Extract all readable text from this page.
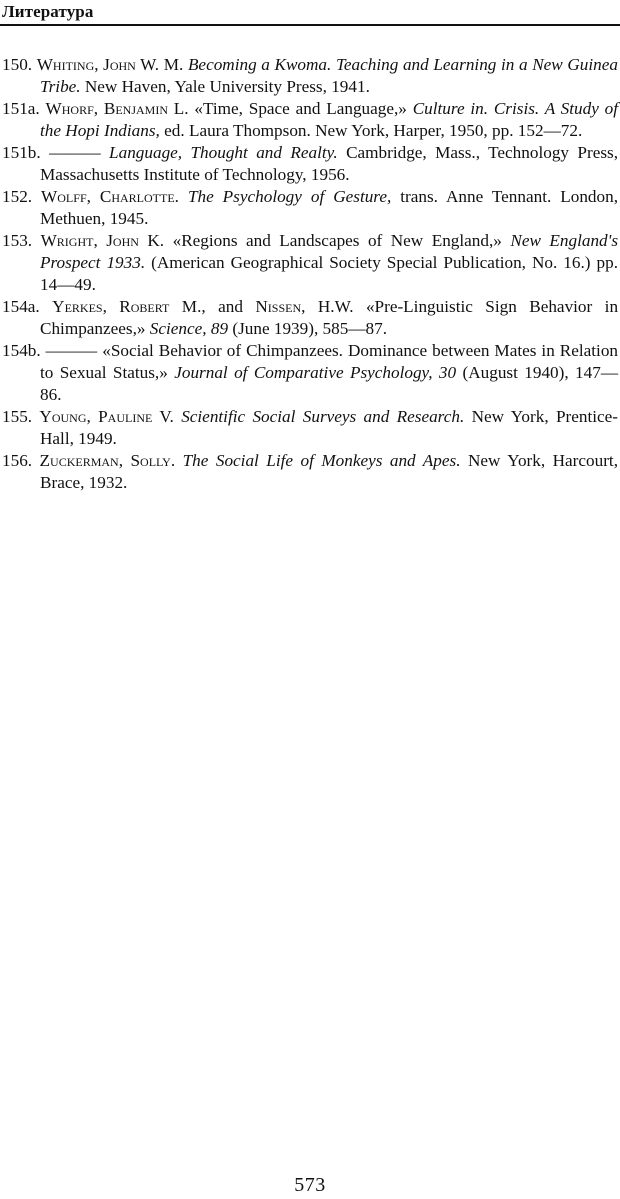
Литература
150. Whiting, John W. M. Becoming a Kwoma. Teaching and Learning in a New Guinea Tribe. New Haven, Yale University Press, 1941.
151a. Whorf, Benjamin L. «Time, Space and Language,» Culture in. Crisis. A Study of the Hopi Indians, ed. Laura Thompson. New York, Harper, 1950, pp. 152—72.
151b. ——— Language, Thought and Realty. Cambridge, Mass., Technology Press, Massachusetts Institute of Technology, 1956.
152. Wolff, Charlotte. The Psychology of Gesture, trans. Anne Tennant. London, Methuen, 1945.
153. Wright, John K. «Regions and Landscapes of New England,» New England's Prospect 1933. (American Geographical Society Special Publication, No. 16.) pp. 14—49.
154a. Yerkes, Robert M., and Nissen, H.W. «Pre-Linguistic Sign Behavior in Chimpanzees,» Science, 89 (June 1939), 585—87.
154b. ——— «Social Behavior of Chimpanzees. Dominance between Mates in Relation to Sexual Status,» Journal of Comparative Psychology, 30 (August 1940), 147—86.
155. Young, Pauline V. Scientific Social Surveys and Research. New York, Prentice-Hall, 1949.
156. Zuckerman, Solly. The Social Life of Monkeys and Apes. New York, Harcourt, Brace, 1932.
573
